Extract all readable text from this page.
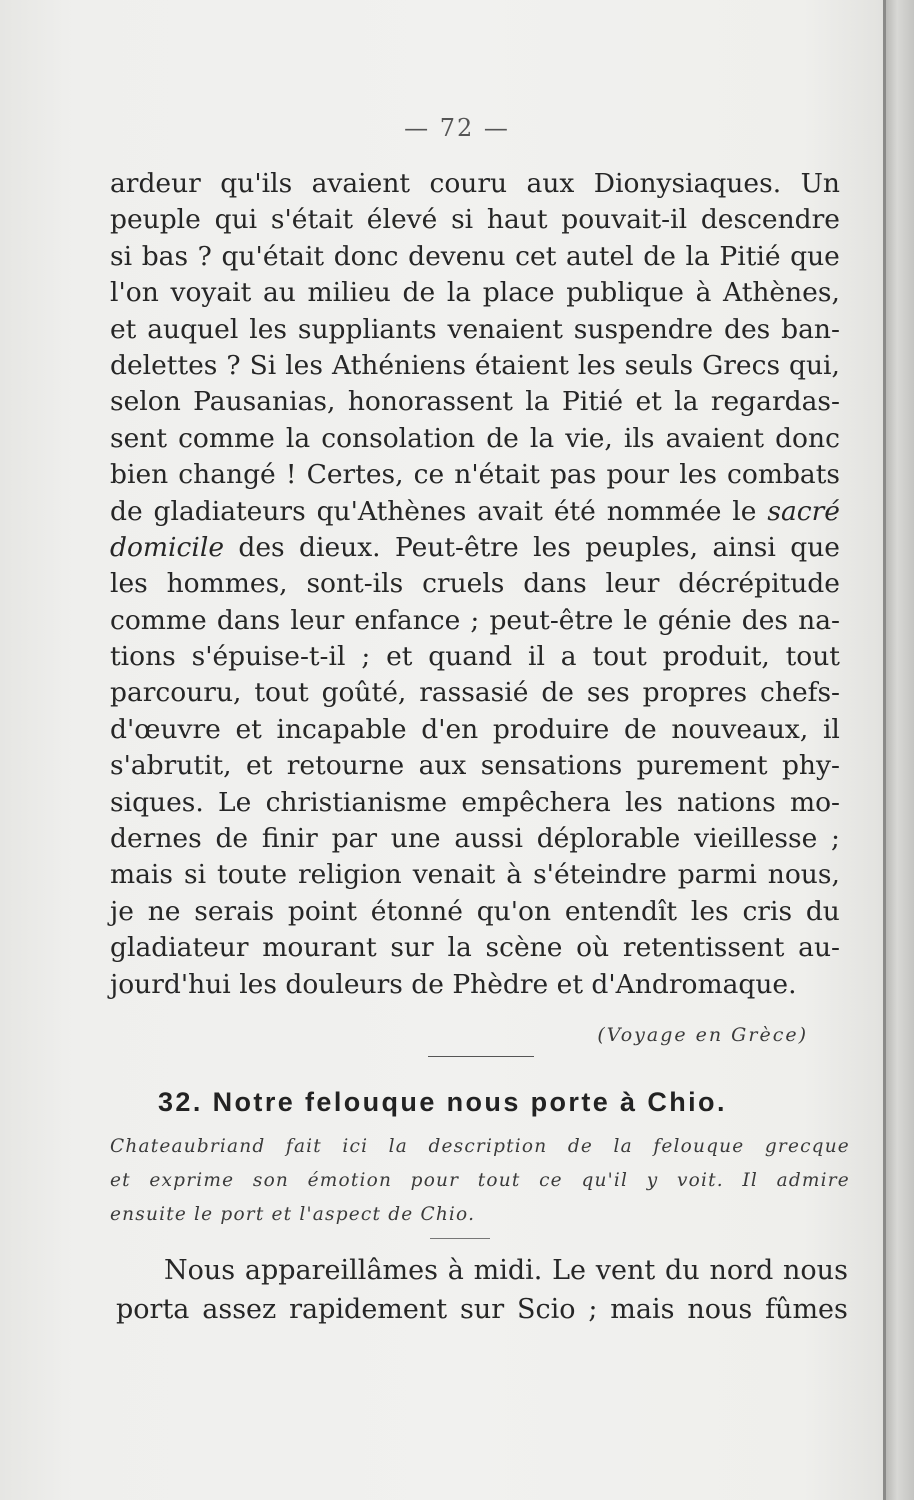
— 72 —
ardeur qu'ils avaient couru aux Dionysiaques. Un
peuple qui s'était élevé si haut pouvait-il descendre
si bas ? qu'était donc devenu cet autel de la Pitié que
l'on voyait au milieu de la place publique à Athènes,
et auquel les suppliants venaient suspendre des ban-
delettes ? Si les Athéniens étaient les seuls Grecs qui,
selon Pausanias, honorassent la Pitié et la regardas-
sent comme la consolation de la vie, ils avaient donc
bien changé ! Certes, ce n'était pas pour les combats
de gladiateurs qu'Athènes avait été nommée le sacré
domicile des dieux. Peut-être les peuples, ainsi que
les hommes, sont-ils cruels dans leur décrépitude
comme dans leur enfance ; peut-être le génie des na-
tions s'épuise-t-il ; et quand il a tout produit, tout
parcouru, tout goûté, rassasié de ses propres chefs-
d'œuvre et incapable d'en produire de nouveaux, il
s'abrutit, et retourne aux sensations purement phy-
siques. Le christianisme empêchera les nations mo-
dernes de finir par une aussi déplorable vieillesse ;
mais si toute religion venait à s'éteindre parmi nous,
je ne serais point étonné qu'on entendît les cris du
gladiateur mourant sur la scène où retentissent au-
jourd'hui les douleurs de Phèdre et d'Andromaque.
(Voyage en Grèce)
32. Notre felouque nous porte à Chio.
Chateaubriand fait ici la description de la felouque grecque
et exprime son émotion pour tout ce qu'il y voit. Il admire
ensuite le port et l'aspect de Chio.
Nous appareillâmes à midi. Le vent du nord nous
porta assez rapidement sur Scio ; mais nous fûmes
